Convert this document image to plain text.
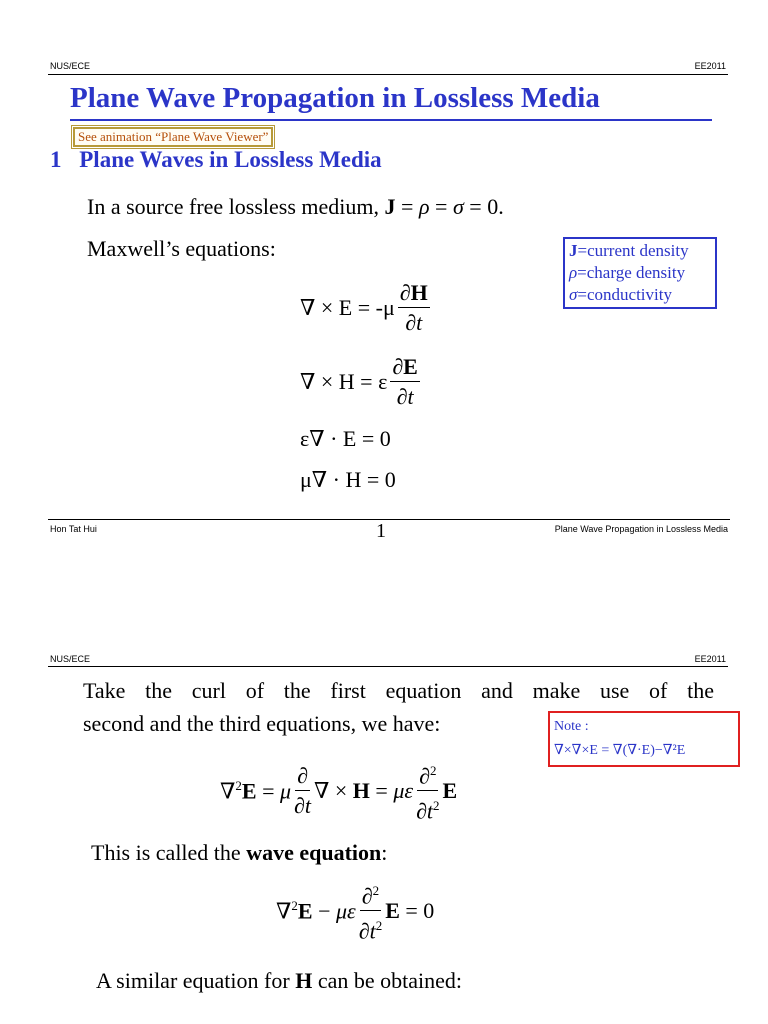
NUS/ECE	EE2011
Plane Wave Propagation in Lossless Media
See animation “Plane Wave Viewer”
1 Plane Waves in Lossless Media
In a source free lossless medium, J = ρ = σ = 0.
Maxwell’s equations:	J=current density
ρ=charge density
σ=conductivity
∇ × $E = -\mu \frac{\partial H}{\partial t}$
∇ × H = ε $\frac{\partial E}{\partial t}$
ε∇ · E = 0
μ∇ · H = 0
Hon Tat Hui	1	Plane Wave Propagation in Lossless Media
NUS/ECE	EE2011
Take the curl of the first equation and make use of the
second and the third equations, we have:	Note :
∇×∇×E = ∇(∇·E)−∇²E
∇$^2$E = μ $\frac{\partial}{\partial t}$ ∇ × H = με $\frac{\partial^2}{\partial t^2}$ E
This is called the wave equation:
∇$^2$E − με $\frac{\partial^2}{\partial t^2}$ E = 0
A similar equation for H can be obtained:
